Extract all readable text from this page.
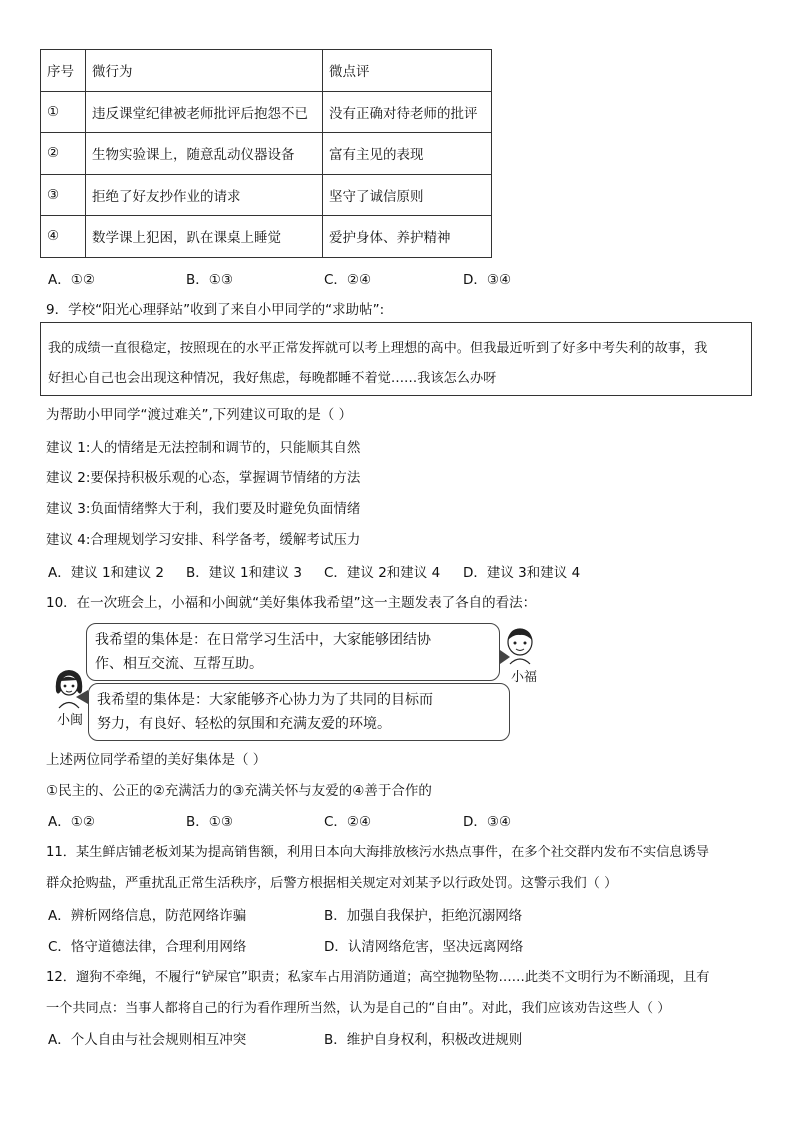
序号	微行为	微点评
①	违反课堂纪律被老师批评后抱怨不已	没有正确对待老师的批评
②	生物实验课上，随意乱动仪器设备	富有主见的表现
③	拒绝了好友抄作业的请求	坚守了诚信原则
④	数学课上犯困，趴在课桌上睡觉	爱护身体、养护精神
A．①②	B．①③	C．②④	D．③④
9．学校“阳光心理驿站”收到了来自小甲同学的“求助帖”:
我的成绩一直很稳定，按照现在的水平正常发挥就可以考上理想的高中。但我最近听到了好多中考失利的故事，我
好担心自己也会出现这种情况，我好焦虑，每晚都睡不着觉……我该怎么办呀
为帮助小甲同学“渡过难关”,下列建议可取的是（ ）
建议 1:人的情绪是无法控制和调节的，只能顺其自然
建议 2:要保持积极乐观的心态，掌握调节情绪的方法
建议 3:负面情绪弊大于利，我们要及时避免负面情绪
建议 4:合理规划学习安排、科学备考，缓解考试压力
A．建议 1和建议 2 B．建议 1和建议 3 C．建议 2和建议 4 D．建议 3和建议 4
10．在一次班会上，小福和小闽就“美好集体我希望”这一主题发表了各自的看法：
我希望的集体是：在日常学习生活中，大家能够团结协
作、相互交流、互帮互助。
小福
小闽
我希望的集体是：大家能够齐心协力为了共同的目标而
努力，有良好、轻松的氛围和充满友爱的环境。
上述两位同学希望的美好集体是（ ）
①民主的、公正的②充满活力的③充满关怀与友爱的④善于合作的
A．①②	B．①③	C．②④	D．③④
11．某生鲜店铺老板刘某为提高销售额，利用日本向大海排放核污水热点事件，在多个社交群内发布不实信息诱导
群众抢购盐，严重扰乱正常生活秩序，后警方根据相关规定对刘某予以行政处罚。这警示我们（ ）
A．辨析网络信息，防范网络诈骗	B．加强自我保护，拒绝沉溺网络
C．恪守道德法律，合理利用网络	D．认清网络危害，坚决远离网络
12．遛狗不牵绳，不履行“铲屎官”职责；私家车占用消防通道；高空抛物坠物……此类不文明行为不断涌现，且有
一个共同点：当事人都将自己的行为看作理所当然，认为是自己的“自由”。对此，我们应该劝告这些人（ ）
A．个人自由与社会规则相互冲突	B．维护自身权利，积极改进规则
